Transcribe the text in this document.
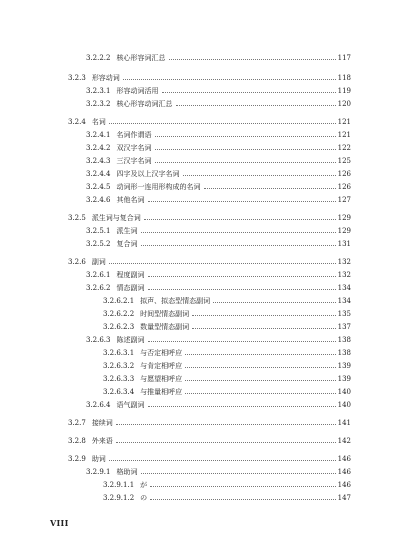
3.2.2.2 核心形容词汇总	117
3.2.3 形容动词	118
3.2.3.1 形容动词活用	119
3.2.3.2 核心形容动词汇总	120
3.2.4 名词	121
3.2.4.1 名词作谓语	121
3.2.4.2 双汉字名词	122
3.2.4.3 三汉字名词	125
3.2.4.4 四字及以上汉字名词	126
3.2.4.5 动词形一连用形构成的名词	126
3.2.4.6 其他名词	127
3.2.5 派生词与复合词	129
3.2.5.1 派生词	129
3.2.5.2 复合词	131
3.2.6 副词	132
3.2.6.1 程度副词	132
3.2.6.2 情态副词	134
3.2.6.2.1 拟声、拟态型情态副词	134
3.2.6.2.2 时间型情态副词	135
3.2.6.2.3 数量型情态副词	137
3.2.6.3 陈述副词	138
3.2.6.3.1 与否定相呼应	138
3.2.6.3.2 与肯定相呼应	139
3.2.6.3.3 与愿望相呼应	139
3.2.6.3.4 与推量相呼应	140
3.2.6.4 语气副词	140
3.2.7 接续词	141
3.2.8 外来语	142
3.2.9 助词	146
3.2.9.1 格助词	146
3.2.9.1.1 が	146
3.2.9.1.2 の	147
VIII
